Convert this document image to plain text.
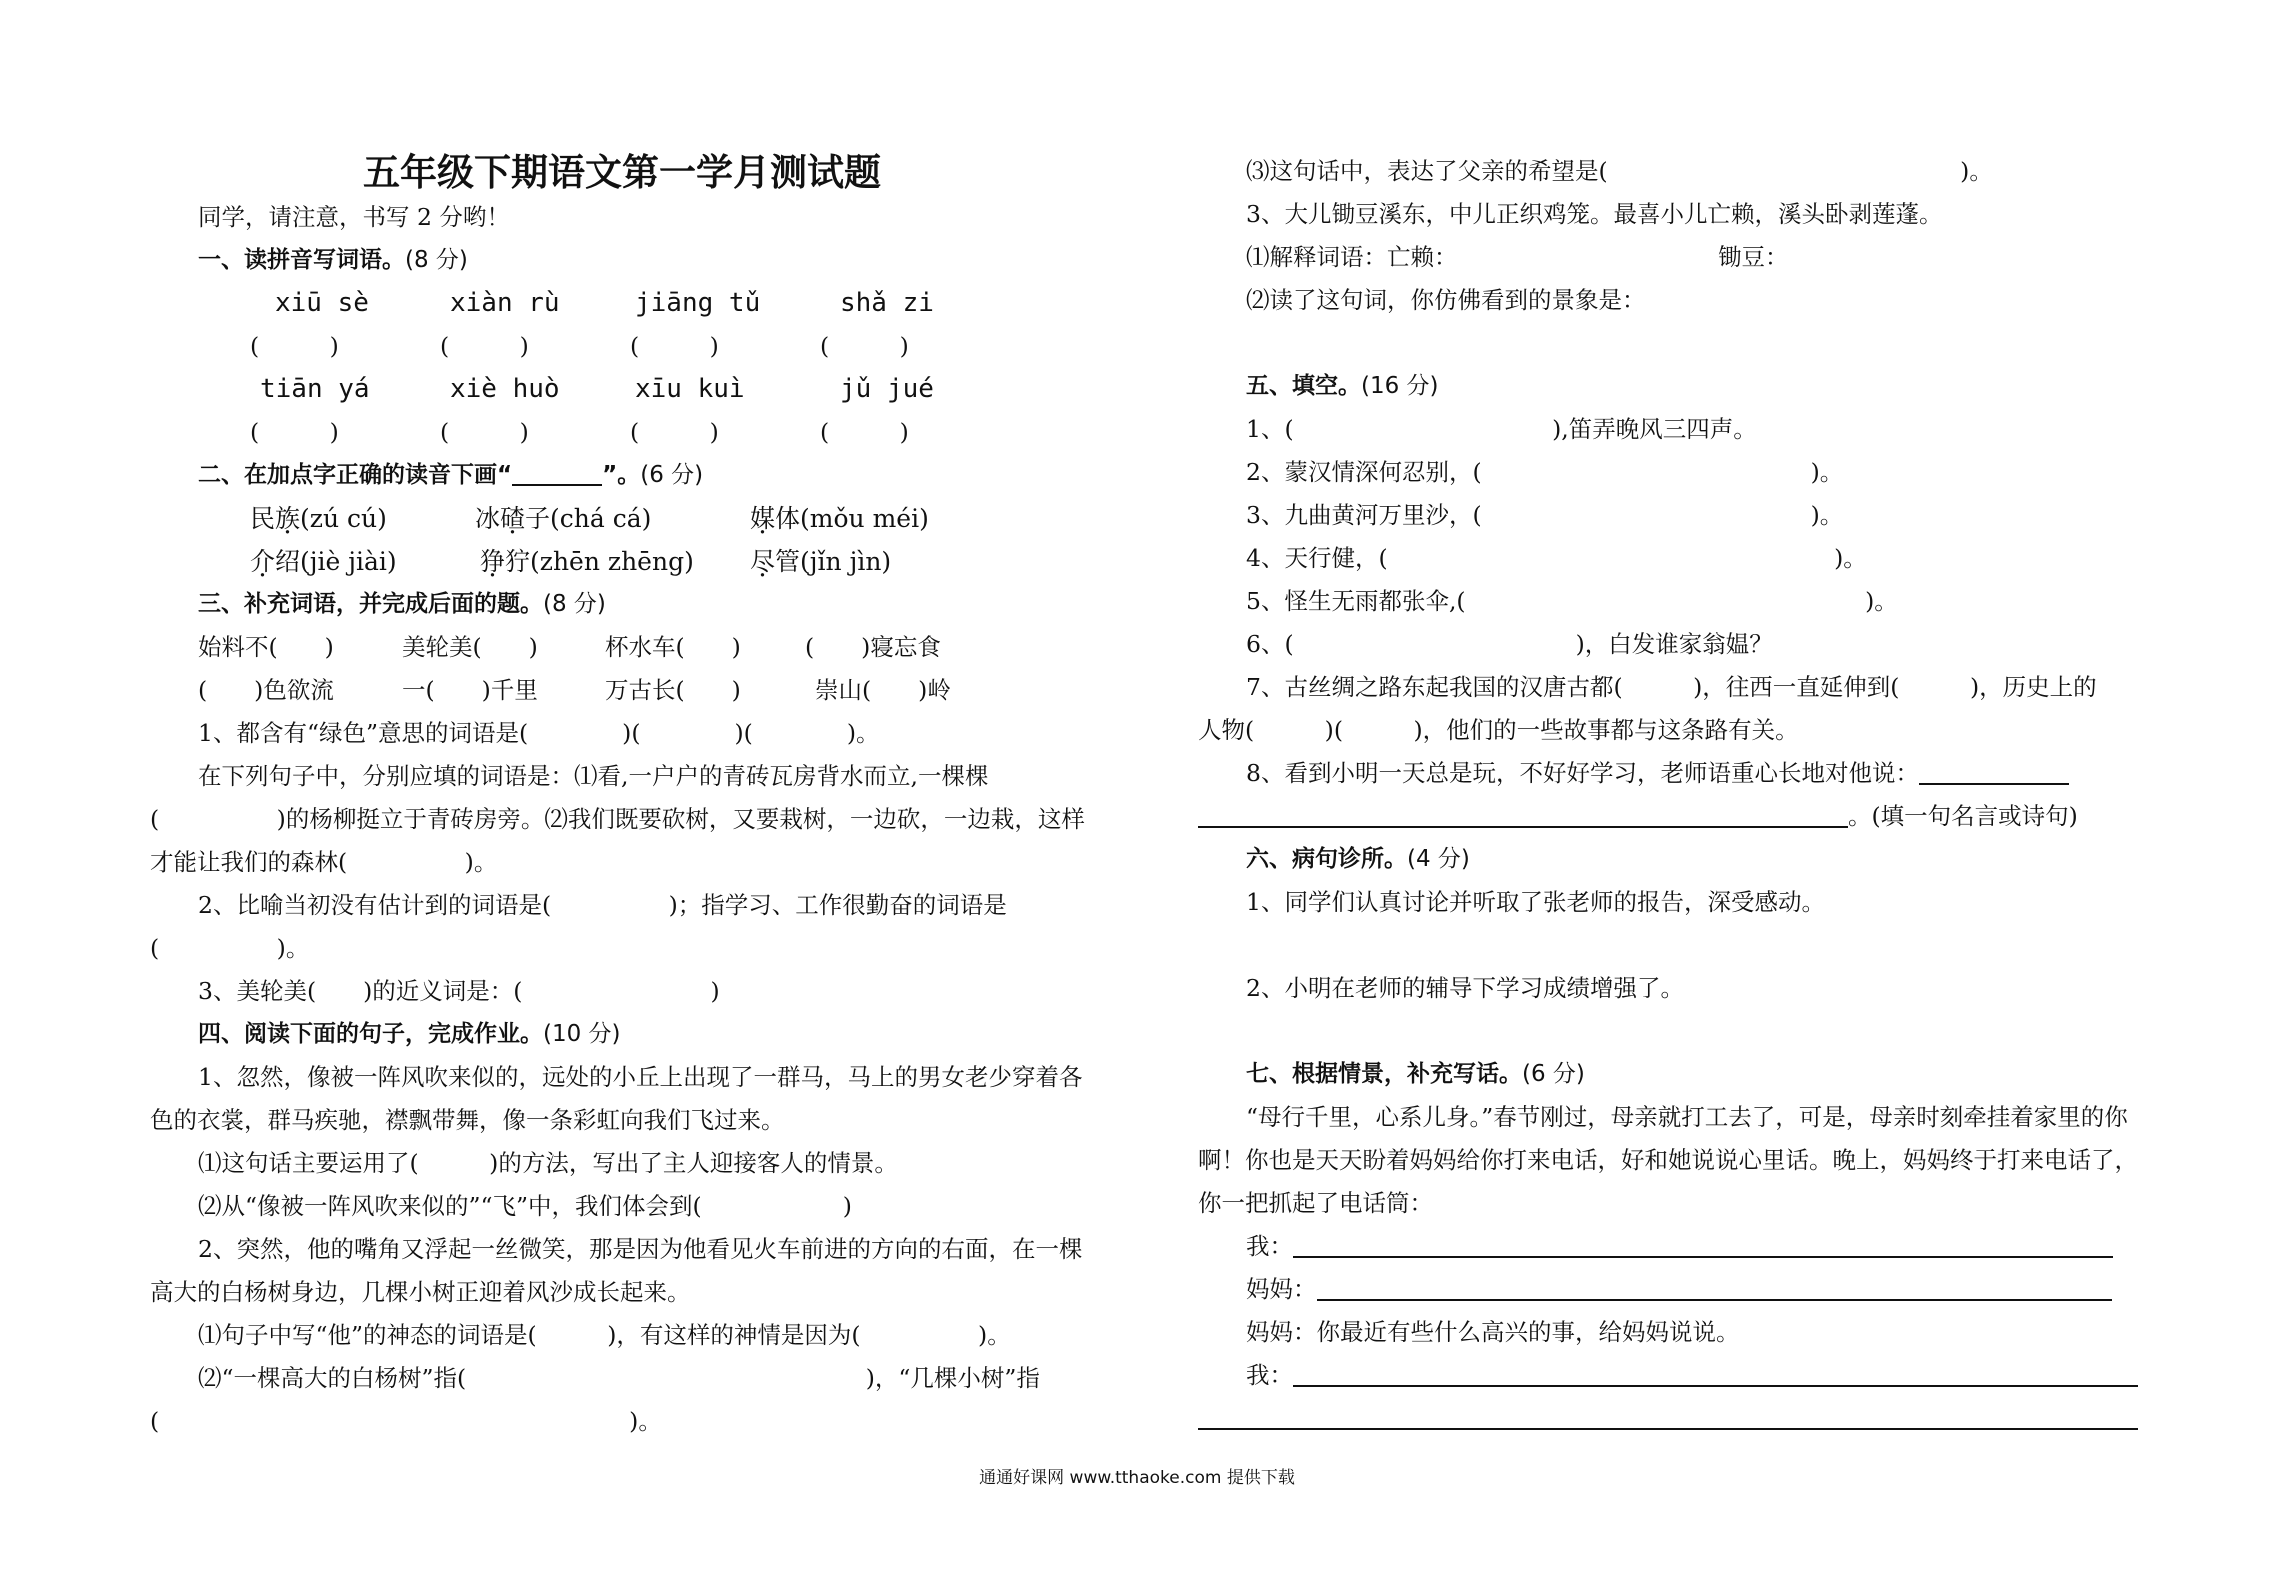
五年级下期语文第一学月测试题
同学，请注意，书写 2 分哟！
一、读拼音写词语。(8 分)
xiū sè	xiàn rù	jiāng tǔ	shǎ zi
(　　　)	(　　　)	(　　　)	(　　　)
tiān yá	xiè huò	xīu kuì	jǔ jué
(　　　)	(　　　)	(　　　)	(　　　)
二、在加点字正确的读音下画“	”。(6 分)
民族(zú cú)	冰碴子(chá cá)	媒体(mǒu méi)
介绍(jiè jiài)	狰狞(zhēn zhēng) 尽管(jǐn jìn)
三、补充词语，并完成后面的题。(8 分)
始料不(　　)	美轮美(　　)	杯水车(　　)	(　　)寝忘食
(　　)色欲流	一(　　)千里	万古长(　　)	崇山(　　)岭
1、都含有“绿色”意思的词语是(　　　　)(　　　　)(　　　　)。
在下列句子中，分别应填的词语是：⑴看,一户户的青砖瓦房背水而立,一棵棵(　　　　　)的杨柳挺立于青砖房旁。⑵我们既要砍树，又要栽树，一边砍，一边栽，这样才能让我们的森林(　　　　　)。
2、比喻当初没有估计到的词语是(　　　　　)；指学习、工作很勤奋的词语是(　　　　　)。
3、美轮美(　　)的近义词是：(　　　　　　　　)
四、阅读下面的句子，完成作业。(10 分)
1、忽然，像被一阵风吹来似的，远处的小丘上出现了一群马，马上的男女老少穿着各色的衣裳，群马疾驰，襟飘带舞，像一条彩虹向我们飞过来。
⑴这句话主要运用了(　　　)的方法，写出了主人迎接客人的情景。
⑵从“像被一阵风吹来似的”“飞”中，我们体会到(　　　　　　)
2、突然，他的嘴角又浮起一丝微笑，那是因为他看见火车前进的方向的右面，在一棵高大的白杨树身边，几棵小树正迎着风沙成长起来。
⑴句子中写“他”的神态的词语是(　　　)，有这样的神情是因为(　　　　　)。
⑵“一棵高大的白杨树”指(　　　　　　　　　　　　　　　　　)，“几棵小树”指(　　　　　　　　　　　　　　　　　　　　)。
⑶这句话中，表达了父亲的希望是(　　　　　　　　　　　　　　　)。
3、大儿锄豆溪东，中儿正织鸡笼。最喜小儿亡赖，溪头卧剥莲蓬。
⑴解释词语：亡赖：	锄豆：
⑵读了这句词，你仿佛看到的景象是：
五、填空。(16 分)
1、(　　　　　　　　　　　),笛弄晚风三四声。
2、蒙汉情深何忍别，(　　　　　　　　　　　　　　)。
3、九曲黄河万里沙，(　　　　　　　　　　　　　　)。
4、天行健，(　　　　　　　　　　　　　　　　　　　)。
5、怪生无雨都张伞,(　　　　　　　　　　　　　　　　　)。
6、(　　　　　　　　　　　　)，白发谁家翁媪？
7、古丝绸之路东起我国的汉唐古都(　　　)，往西一直延伸到(　　　)，历史上的
人物(　　　)(　　　)，他们的一些故事都与这条路有关。
8、看到小明一天总是玩，不好好学习，老师语重心长地对他说：
。(填一句名言或诗句)
六、病句诊所。(4 分)
1、同学们认真讨论并听取了张老师的报告，深受感动。
2、小明在老师的辅导下学习成绩增强了。
七、根据情景，补充写话。(6 分)
“母行千里，心系儿身。”春节刚过，母亲就打工去了，可是，母亲时刻牵挂着家里的你啊！你也是天天盼着妈妈给你打来电话，好和她说说心里话。晚上，妈妈终于打来电话了，你一把抓起了电话筒：
我：
妈妈：
妈妈：你最近有些什么高兴的事，给妈妈说说。
我：
通通好课网 www.tthaoke.com 提供下载
